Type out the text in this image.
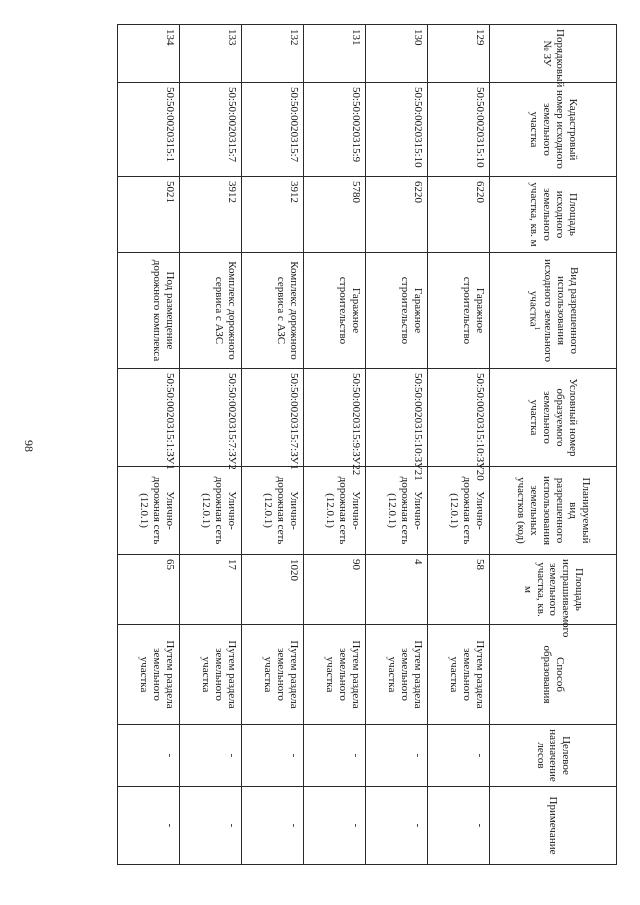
98
Порядковый № ЗУ	Кадастровый номер исходного земельного участка	Площадь исходного земельного участка, кв. м	Вид разрешенного использования исходного земельного участка$^1$	Условный номер образуемого земельного участка	Планируемый вид разрешенного использования земельных участков (код)	Площадь испрашиваемого земельного участка, кв. м	Способ образования	Целевое назначение лесов	Примечание
129	50:50:0020315:10	6220	Гаражное строительство	50:50:0020315:10:ЗУ20	Улично-дорожная сеть (12.0.1)	58	Путем раздела земельного участка	-	-
130	50:50:0020315:10	6220	Гаражное строительство	50:50:0020315:10:ЗУ21	Улично-дорожная сеть (12.0.1)	4	Путем раздела земельного участка	-	-
131	50:50:0020315:9	5780	Гаражное строительство	50:50:0020315:9:ЗУ22	Улично-дорожная сеть (12.0.1)	90	Путем раздела земельного участка	-	-
132	50:50:0020315:7	3912	Комплекс дорожного сервиса с АЗС	50:50:0020315:7:ЗУ1	Улично-дорожная сеть (12.0.1)	1020	Путем раздела земельного участка	-	-
133	50:50:0020315:7	3912	Комплекс дорожного сервиса с АЗС	50:50:0020315:7:ЗУ2	Улично-дорожная сеть (12.0.1)	17	Путем раздела земельного участка	-	-
134	50:50:0020315:1	5021	Под размещение дорожного комплекса	50:50:0020315:1:ЗУ1	Улично-дорожная сеть (12.0.1)	65	Путем раздела земельного участка	-	-
